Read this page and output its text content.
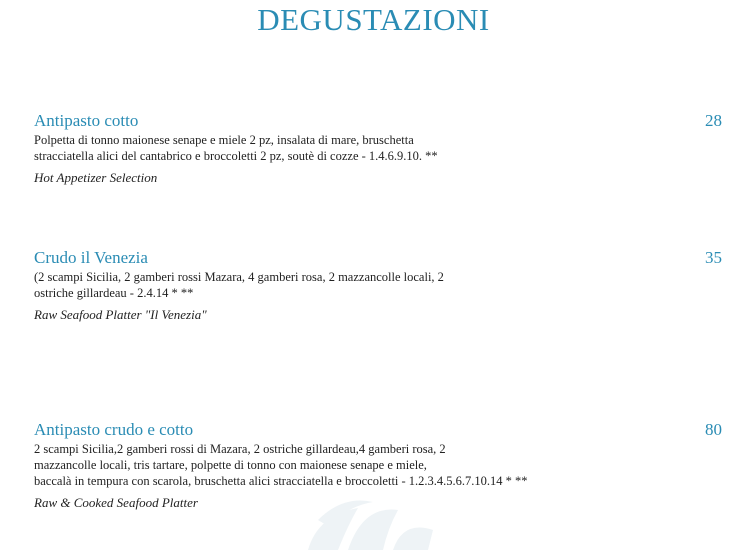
DEGUSTAZIONI
Antipasto cotto	28
Polpetta di tonno maionese senape e miele 2 pz, insalata di mare, bruschetta
stracciatella alici del cantabrico e broccoletti 2 pz, soutè di cozze - 1.4.6.9.10. **
Hot Appetizer Selection
Crudo il Venezia	35
(2 scampi Sicilia, 2 gamberi rossi Mazara, 4 gamberi rosa, 2 mazzancolle locali, 2
ostriche gillardeau - 2.4.14 * **
Raw Seafood Platter "Il Venezia"
Antipasto crudo e cotto	80
2 scampi Sicilia,2 gamberi rossi di Mazara, 2 ostriche gillardeau,4 gamberi rosa, 2
mazzancolle locali, tris tartare, polpette di tonno con maionese senape e miele,
baccalà in tempura con scarola, bruschetta alici stracciatella e broccoletti - 1.2.3.4.5.6.7.10.14 * **
Raw & Cooked Seafood Platter
